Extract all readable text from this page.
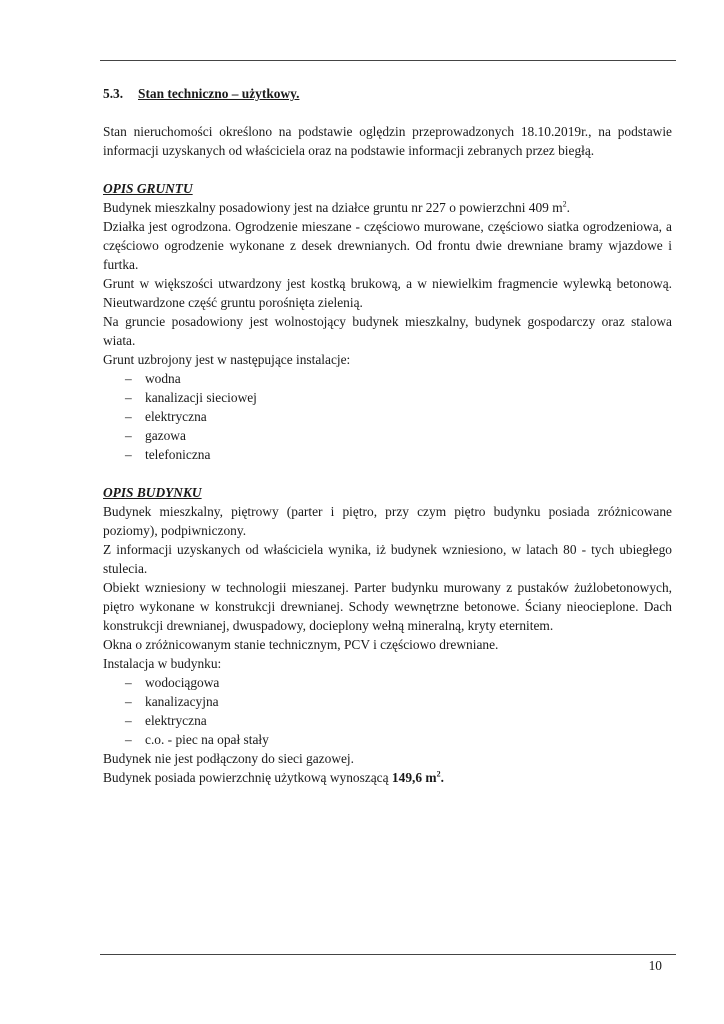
5.3.	Stan techniczno – użytkowy.

Stan nieruchomości określono na podstawie oględzin przeprowadzonych 18.10.2019r., na podstawie informacji uzyskanych od właściciela oraz na podstawie informacji zebranych przez biegłą.

OPIS GRUNTU

Budynek mieszkalny posadowiony jest na działce gruntu nr 227 o powierzchni 409 $m^2$.

Działka jest ogrodzona. Ogrodzenie mieszane - częściowo murowane, częściowo siatka ogrodzeniowa, a częściowo ogrodzenie wykonane z desek drewnianych. Od frontu dwie drewniane bramy wjazdowe i furtka.

Grunt w większości utwardzony jest kostką brukową, a w niewielkim fragmencie wylewką betonową. Nieutwardzone część gruntu porośnięta zielenią.

Na gruncie posadowiony jest wolnostojący budynek mieszkalny, budynek gospodarczy oraz stalowa wiata.

Grunt uzbrojony jest w następujące instalacje:

– wodna
– kanalizacji sieciowej
– elektryczna
– gazowa
– telefoniczna

OPIS BUDYNKU

Budynek mieszkalny, piętrowy (parter i piętro, przy czym piętro budynku posiada zróżnicowane poziomy), podpiwniczony.

Z informacji uzyskanych od właściciela wynika, iż budynek wzniesiono, w latach 80 - tych ubiegłego stulecia.

Obiekt wzniesiony w technologii mieszanej. Parter budynku murowany z pustaków żużlobetonowych, piętro wykonane w konstrukcji drewnianej. Schody wewnętrzne betonowe. Ściany nieocieplone. Dach konstrukcji drewnianej, dwuspadowy, docieplony wełną mineralną, kryty eternitem.

Okna o zróżnicowanym stanie technicznym, PCV i częściowo drewniane.

Instalacja w budynku:

– wodociągowa
– kanalizacyjna
– elektryczna
– c.o. - piec na opał stały

Budynek nie jest podłączony do sieci gazowej.

Budynek posiada powierzchnię użytkową wynoszącą 149,6 $m^2$.

10
